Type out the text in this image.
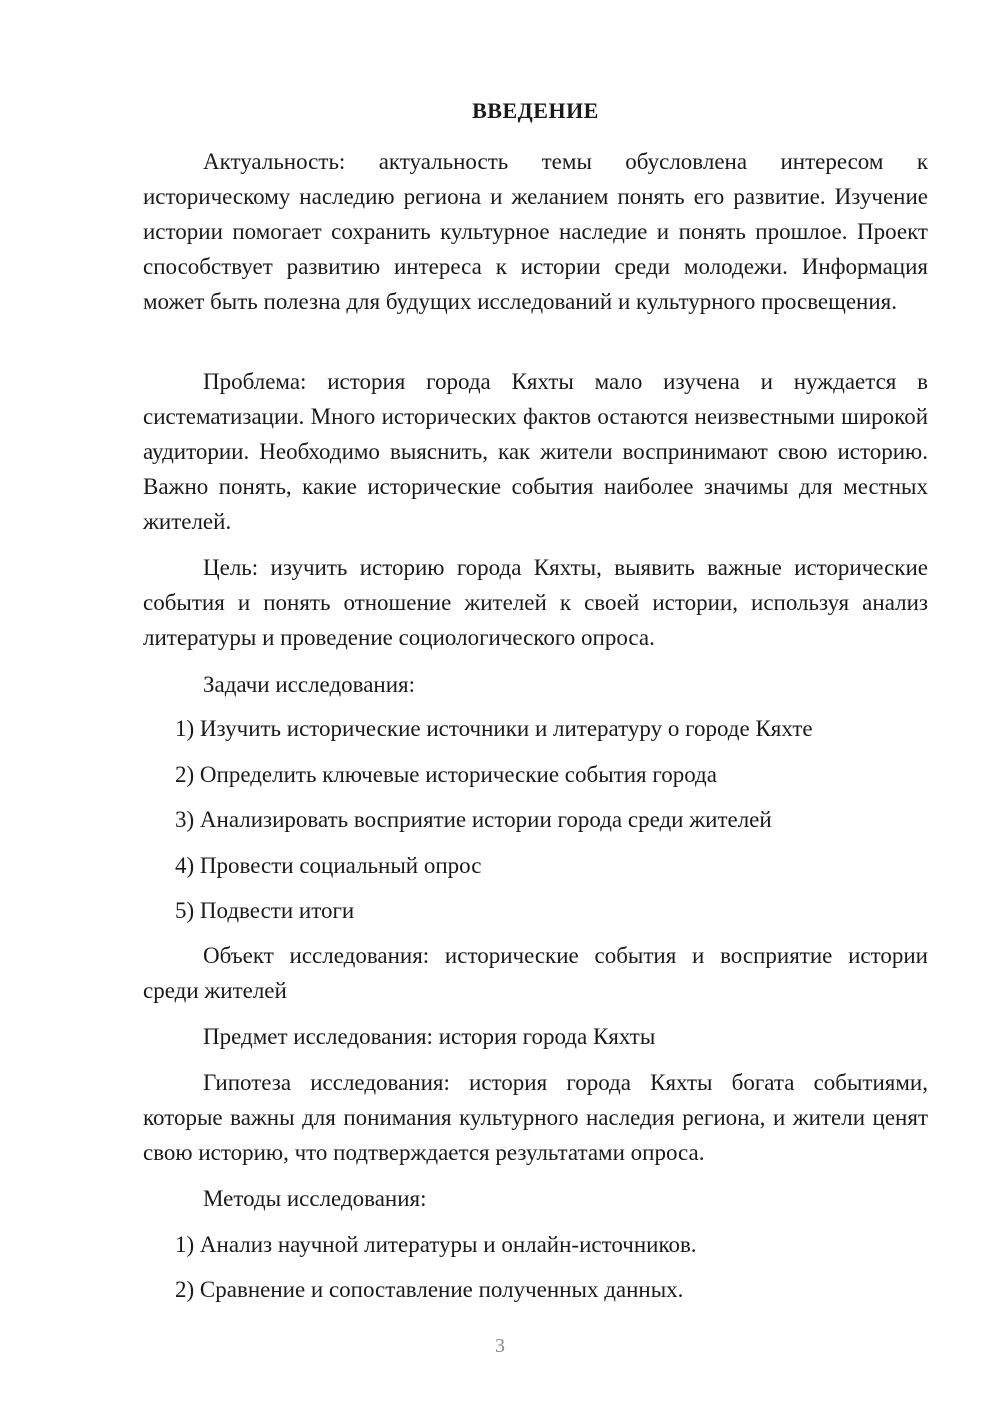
ВВЕДЕНИЕ

Актуальность: актуальность темы обусловлена интересом к историческому наследию региона и желанием понять его развитие. Изучение истории помогает сохранить культурное наследие и понять прошлое. Проект способствует развитию интереса к истории среди молодежи. Информация может быть полезна для будущих исследований и культурного просвещения.

Проблема: история города Кяхты мало изучена и нуждается в систематизации. Много исторических фактов остаются неизвестными широкой аудитории. Необходимо выяснить, как жители воспринимают свою историю. Важно понять, какие исторические события наиболее значимы для местных жителей.

Цель: изучить историю города Кяхты, выявить важные исторические события и понять отношение жителей к своей истории, используя анализ литературы и проведение социологического опроса.

Задачи исследования:

1) Изучить исторические источники и литературу о городе Кяхте

2) Определить ключевые исторические события города

3) Анализировать восприятие истории города среди жителей

4) Провести социальный опрос

5) Подвести итоги

Объект исследования: исторические события и восприятие истории среди жителей

Предмет исследования: история города Кяхты

Гипотеза исследования: история города Кяхты богата событиями, которые важны для понимания культурного наследия региона, и жители ценят свою историю, что подтверждается результатами опроса.

Методы исследования:

1) Анализ научной литературы и онлайн-источников.

2) Сравнение и сопоставление полученных данных.

3
